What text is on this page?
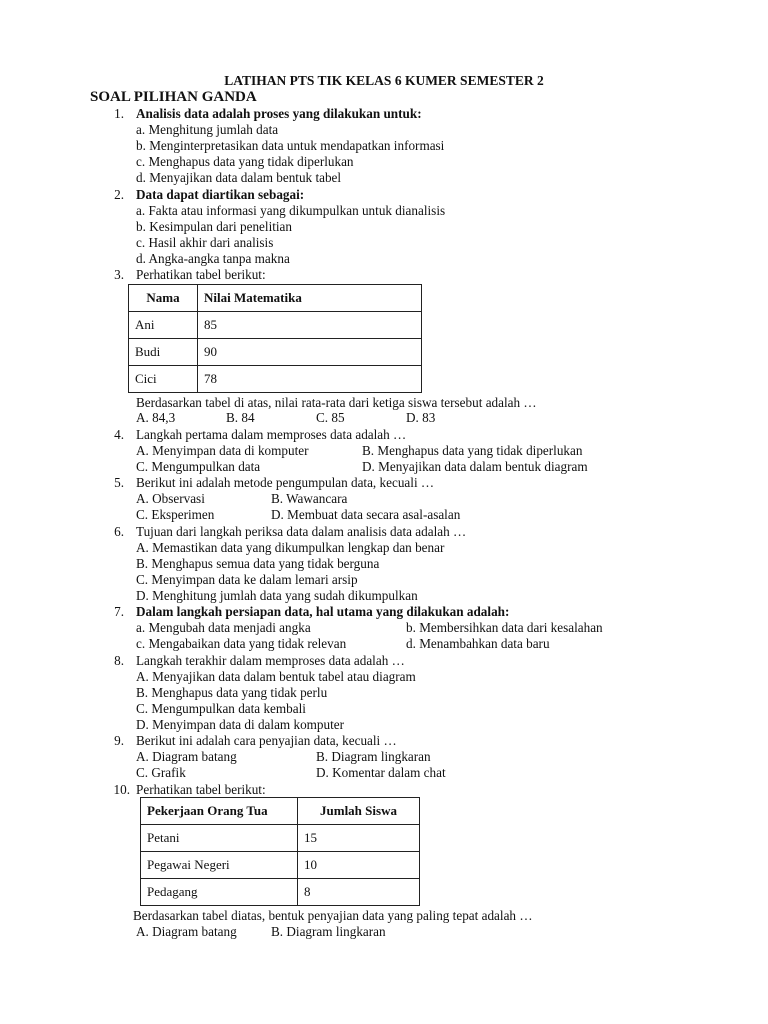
LATIHAN PTS TIK KELAS 6 KUMER SEMESTER 2
SOAL PILIHAN GANDA
1. Analisis data adalah proses yang dilakukan untuk:
a. Menghitung jumlah data
b. Menginterpretasikan data untuk mendapatkan informasi
c. Menghapus data yang tidak diperlukan
d. Menyajikan data dalam bentuk tabel
2. Data dapat diartikan sebagai:
a. Fakta atau informasi yang dikumpulkan untuk dianalisis
b. Kesimpulan dari penelitian
c. Hasil akhir dari analisis
d. Angka-angka tanpa makna
3. Perhatikan tabel berikut:
Nama	Nilai Matematika
Ani	85
Budi	90
Cici	78
Berdasarkan tabel di atas, nilai rata-rata dari ketiga siswa tersebut adalah …
A. 84,3	B. 84	C. 85	D. 83
4. Langkah pertama dalam memproses data adalah …
A. Menyimpan data di komputer	B. Menghapus data yang tidak diperlukan
C. Mengumpulkan data	D. Menyajikan data dalam bentuk diagram
5. Berikut ini adalah metode pengumpulan data, kecuali …
A. Observasi	B. Wawancara
C. Eksperimen	D. Membuat data secara asal-asalan
6. Tujuan dari langkah periksa data dalam analisis data adalah …
A. Memastikan data yang dikumpulkan lengkap dan benar
B. Menghapus semua data yang tidak berguna
C. Menyimpan data ke dalam lemari arsip
D. Menghitung jumlah data yang sudah dikumpulkan
7. Dalam langkah persiapan data, hal utama yang dilakukan adalah:
a. Mengubah data menjadi angka	b. Membersihkan data dari kesalahan
c. Mengabaikan data yang tidak relevan	d. Menambahkan data baru
8. Langkah terakhir dalam memproses data adalah …
A. Menyajikan data dalam bentuk tabel atau diagram
B. Menghapus data yang tidak perlu
C. Mengumpulkan data kembali
D. Menyimpan data di dalam komputer
9. Berikut ini adalah cara penyajian data, kecuali …
A. Diagram batang	B. Diagram lingkaran
C. Grafik	D. Komentar dalam chat
10. Perhatikan tabel berikut:
Pekerjaan Orang Tua	Jumlah Siswa
Petani	15
Pegawai Negeri	10
Pedagang	8
Berdasarkan tabel diatas, bentuk penyajian data yang paling tepat adalah …
A. Diagram batang	B. Diagram lingkaran
